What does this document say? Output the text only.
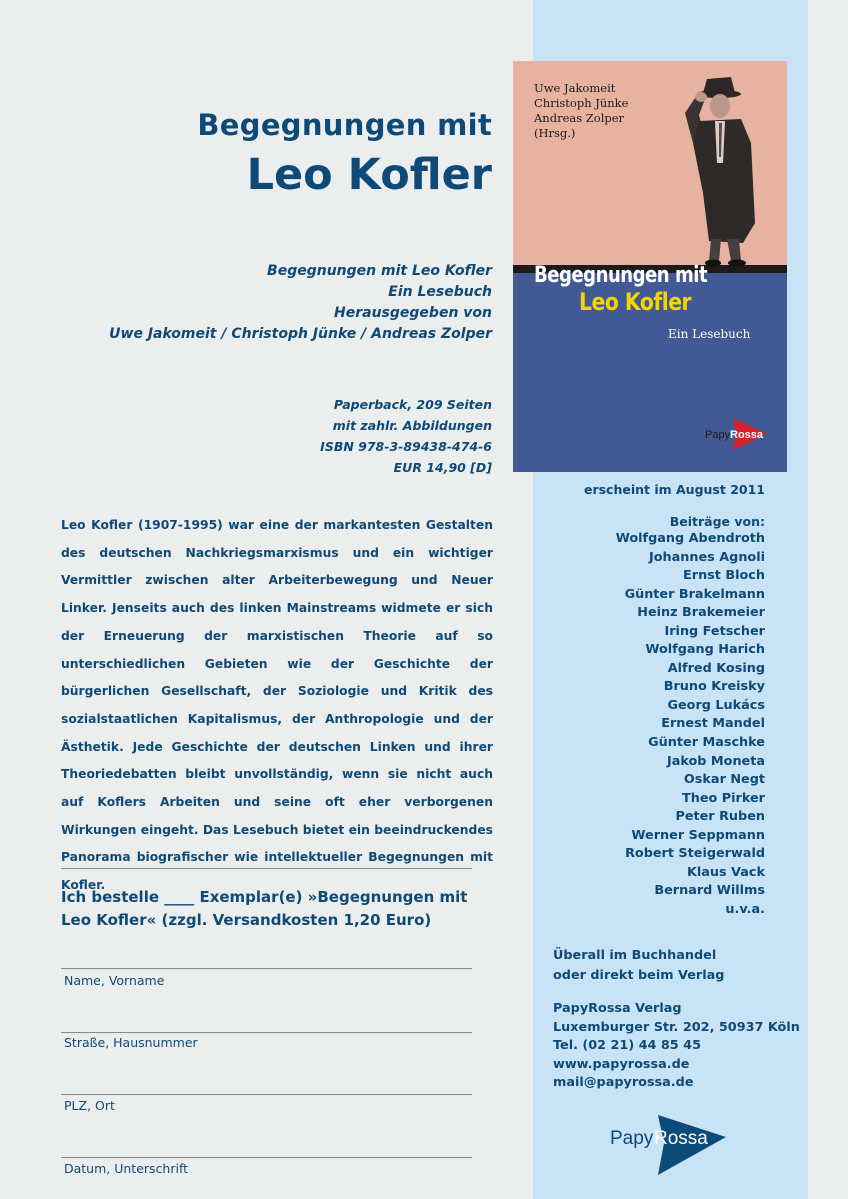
Begegnungen mit
Leo Kofler
Begegnungen mit Leo Kofler
Ein Lesebuch
Herausgegeben von
Uwe Jakomeit / Christoph Jünke / Andreas Zolper
Paperback, 209 Seiten
mit zahlr. Abbildungen
ISBN 978-3-89438-474-6
EUR 14,90 [D]
Leo Kofler (1907-1995) war eine der markantesten Gestalten des deutschen Nachkriegsmarxismus und ein wichtiger Vermittler zwischen alter Arbeiterbewegung und Neuer Linker. Jenseits auch des linken Mainstreams widmete er sich der Erneuerung der marxistischen Theorie auf so unterschiedlichen Gebieten wie der Geschichte der bürgerlichen Gesellschaft, der Soziologie und Kritik des sozialstaatlichen Kapitalismus, der Anthropologie und der Ästhetik. Jede Geschichte der deutschen Linken und ihrer Theoriedebatten bleibt unvollständig, wenn sie nicht auch auf Koflers Arbeiten und seine oft eher verborgenen Wirkungen eingeht. Das Lesebuch bietet ein beeindruckendes Panorama biografischer wie intellektueller Begegnungen mit Kofler.
Ich bestelle ____ Exemplar(e) »Begegnungen mit Leo Kofler« (zzgl. Versandkosten 1,20 Euro)
Name, Vorname
Straße, Hausnummer
PLZ, Ort
Datum, Unterschrift
Uwe Jakomeit
Christoph Jünke
Andreas Zolper
(Hrsg.)
Begegnungen mit
Leo Kofler
Ein Lesebuch
Papy Rossa
erscheint im August 2011
Beiträge von:
Wolfgang Abendroth
Johannes Agnoli
Ernst Bloch
Günter Brakelmann
Heinz Brakemeier
Iring Fetscher
Wolfgang Harich
Alfred Kosing
Bruno Kreisky
Georg Lukács
Ernest Mandel
Günter Maschke
Jakob Moneta
Oskar Negt
Theo Pirker
Peter Ruben
Werner Seppmann
Robert Steigerwald
Klaus Vack
Bernard Willms
u.v.a.
Überall im Buchhandel
oder direkt beim Verlag
PapyRossa Verlag
Luxemburger Str. 202, 50937 Köln
Tel. (02 21) 44 85 45
www.papyrossa.de
mail@papyrossa.de
Papy Rossa
